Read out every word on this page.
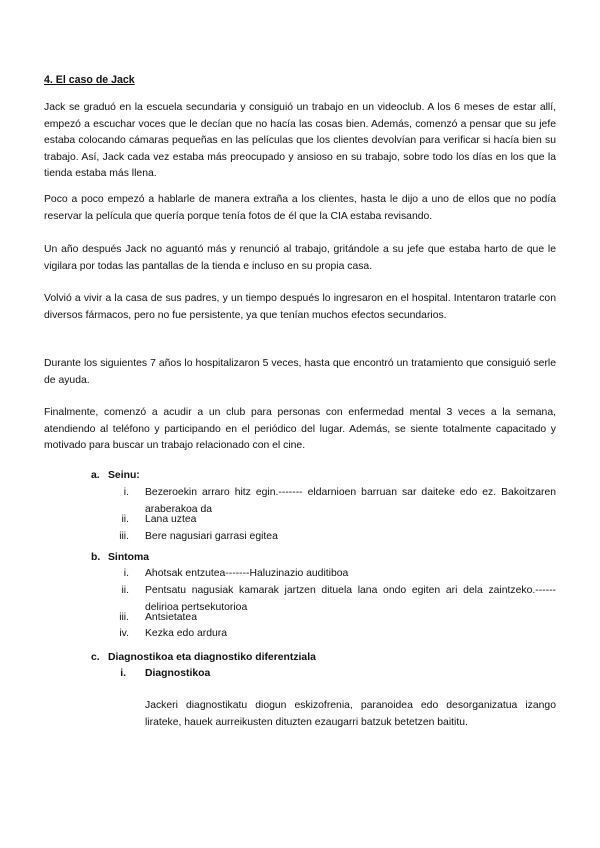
4. El caso de Jack

Jack se graduó en la escuela secundaria y consiguió un trabajo en un videoclub. A los 6 meses de estar allí, empezó a escuchar voces que le decían que no hacía las cosas bien. Además, comenzó a pensar que su jefe estaba colocando cámaras pequeñas en las películas que los clientes devolvían para verificar si hacía bien su trabajo. Así, Jack cada vez estaba más preocupado y ansioso en su trabajo, sobre todo los días en los que la tienda estaba más llena.

Poco a poco empezó a hablarle de manera extraña a los clientes, hasta le dijo a uno de ellos que no podía reservar la película que quería porque tenía fotos de él que la CIA estaba revisando.

Un año después Jack no aguantó más y renunció al trabajo, gritándole a su jefe que estaba harto de que le vigilara por todas las pantallas de la tienda e incluso en su propia casa.

Volvió a vivir a la casa de sus padres, y un tiempo después lo ingresaron en el hospital. Intentaron tratarle con diversos fármacos, pero no fue persistente, ya que tenían muchos efectos secundarios.

Durante los siguientes 7 años lo hospitalizaron 5 veces, hasta que encontró un tratamiento que consiguió serle de ayuda.

Finalmente, comenzó a acudir a un club para personas con enfermedad mental 3 veces a la semana, atendiendo al teléfono y participando en el periódico del lugar. Además, se siente totalmente capacitado y motivado para buscar un trabajo relacionado con el cine.

a. Seinu:
i. Bezeroekin arraro hitz egin.------- eldarnioen barruan sar daiteke edo ez. Bakoitzaren araberakoa da
ii. Lana uztea
iii. Bere nagusiari garrasi egitea
b. Sintoma
i. Ahotsak entzutea-------Haluzinazio auditiboa
ii. Pentsatu nagusiak kamarak jartzen dituela lana ondo egiten ari dela zaintzeko.------delirioa pertsekutorioa
iii. Antsietatea
iv. Kezka edo ardura
c. Diagnostikoa eta diagnostiko diferentziala
i. Diagnostikoa

Jackeri diagnostikatu diogun eskizofrenia, paranoidea edo desorganizatua izango lirateke, hauek aurreikusten dituzten ezaugarri batzuk betetzen baititu.
